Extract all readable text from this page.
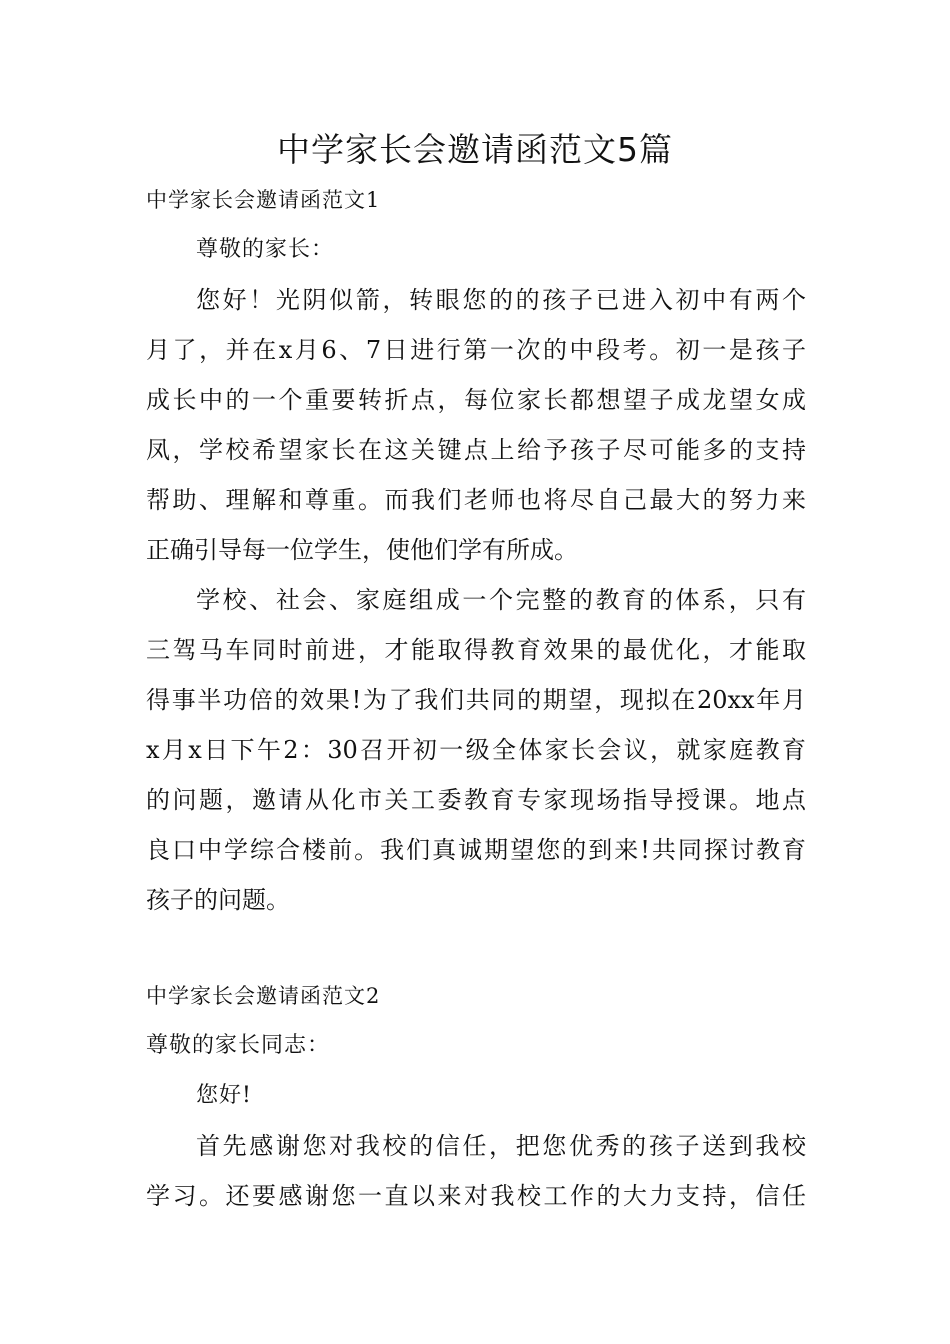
中学家长会邀请函范文5篇

中学家长会邀请函范文1

尊敬的家长：

您好！光阴似箭，转眼您的的孩子已进入初中有两个

月了，并在x月6、7日进行第一次的中段考。初一是孩子

成长中的一个重要转折点，每位家长都想望子成龙望女成

凤，学校希望家长在这关键点上给予孩子尽可能多的支持

帮助、理解和尊重。而我们老师也将尽自己最大的努力来

正确引导每一位学生，使他们学有所成。

学校、社会、家庭组成一个完整的教育的体系，只有

三驾马车同时前进，才能取得教育效果的最优化，才能取

得事半功倍的效果!为了我们共同的期望，现拟在20xx年月

x月x日下午2：30召开初一级全体家长会议，就家庭教育

的问题，邀请从化市关工委教育专家现场指导授课。地点

良口中学综合楼前。我们真诚期望您的到来!共同探讨教育

孩子的问题。

中学家长会邀请函范文2

尊敬的家长同志：

您好!

首先感谢您对我校的信任，把您优秀的孩子送到我校

学习。还要感谢您一直以来对我校工作的大力支持，信任
